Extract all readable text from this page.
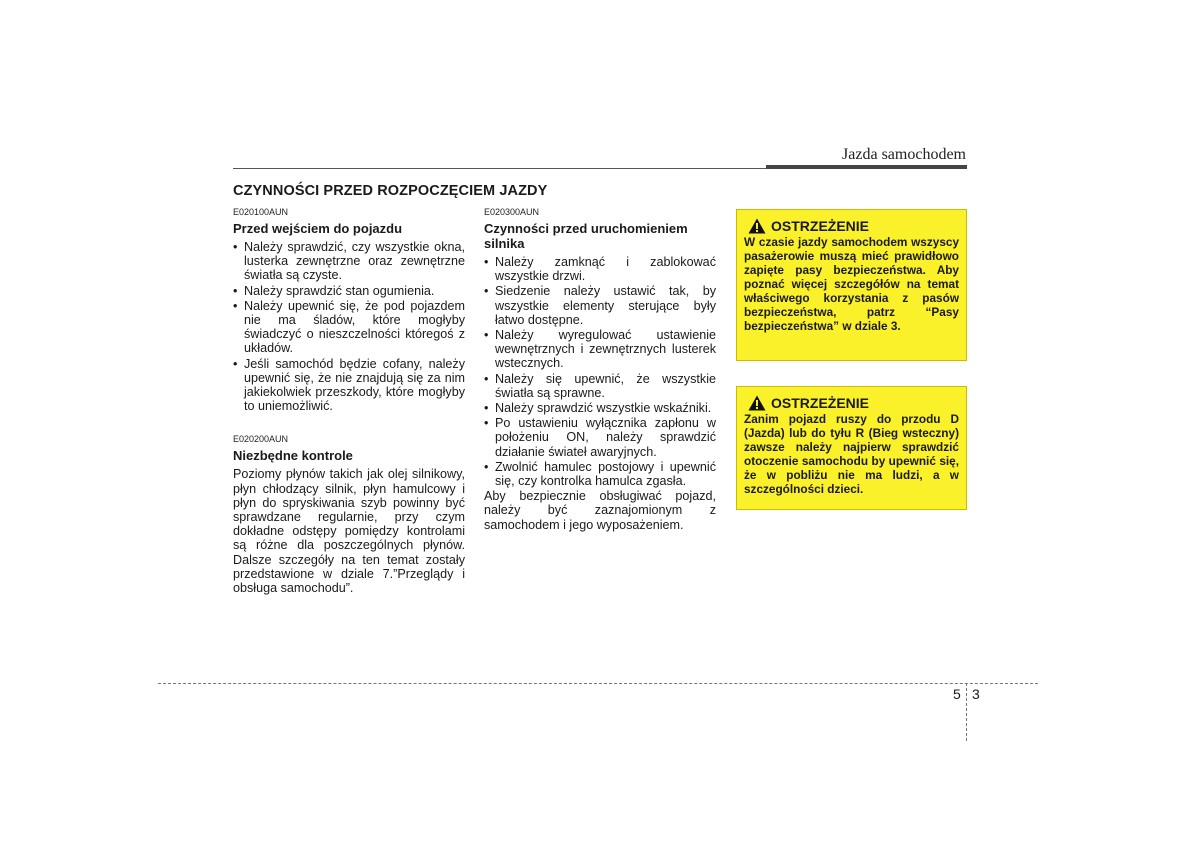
Jazda samochodem
CZYNNOŚCI PRZED ROZPOCZĘCIEM JAZDY
E020100AUN
Przed wejściem do pojazdu
• Należy sprawdzić, czy wszystkie okna, lusterka zewnętrzne oraz zewnętrzne światła są czyste.
• Należy sprawdzić stan ogumienia.
• Należy upewnić się, że pod pojazdem nie ma śladów, które mogłyby świadczyć o nieszczelności któregoś z układów.
• Jeśli samochód będzie cofany, należy upewnić się, że nie znajdują się za nim jakiekolwiek przeszkody, które mogłyby to uniemożliwić.
E020200AUN
Niezbędne kontrole
Poziomy płynów takich jak olej silnikowy, płyn chłodzący silnik, płyn hamulcowy i płyn do spryskiwania szyb powinny być sprawdzane regularnie, przy czym dokładne odstępy pomiędzy kontrolami są różne dla poszczególnych płynów. Dalsze szczegóły na ten temat zostały przedstawione w dziale 7.”Przeglądy i obsługa samochodu”.
E020300AUN
Czynności przed uruchomieniem silnika
• Należy zamknąć i zablokować wszystkie drzwi.
• Siedzenie należy ustawić tak, by wszystkie elementy sterujące były łatwo dostępne.
• Należy wyregulować ustawienie wewnętrznych i zewnętrznych lusterek wstecznych.
• Należy się upewnić, że wszystkie światła są sprawne.
• Należy sprawdzić wszystkie wskaźniki.
• Po ustawieniu wyłącznika zapłonu w położeniu ON, należy sprawdzić działanie świateł awaryjnych.
• Zwolnić hamulec postojowy i upewnić się, czy kontrolka hamulca zgasła.
Aby bezpiecznie obsługiwać pojazd, należy być zaznajomionym z samochodem i jego wyposażeniem.
OSTRZEŻENIE
W czasie jazdy samochodem wszyscy pasażerowie muszą mieć prawidłowo zapięte pasy bezpieczeństwa. Aby poznać więcej szczegółów na temat właściwego korzystania z pasów bezpieczeństwa, patrz “Pasy bezpieczeństwa” w dziale 3.
OSTRZEŻENIE
Zanim pojazd ruszy do przodu D (Jazda) lub do tyłu R (Bieg wsteczny) zawsze należy najpierw sprawdzić otoczenie samochodu by upewnić się, że w pobliżu nie ma ludzi, a w szczególności dzieci.
5 3
